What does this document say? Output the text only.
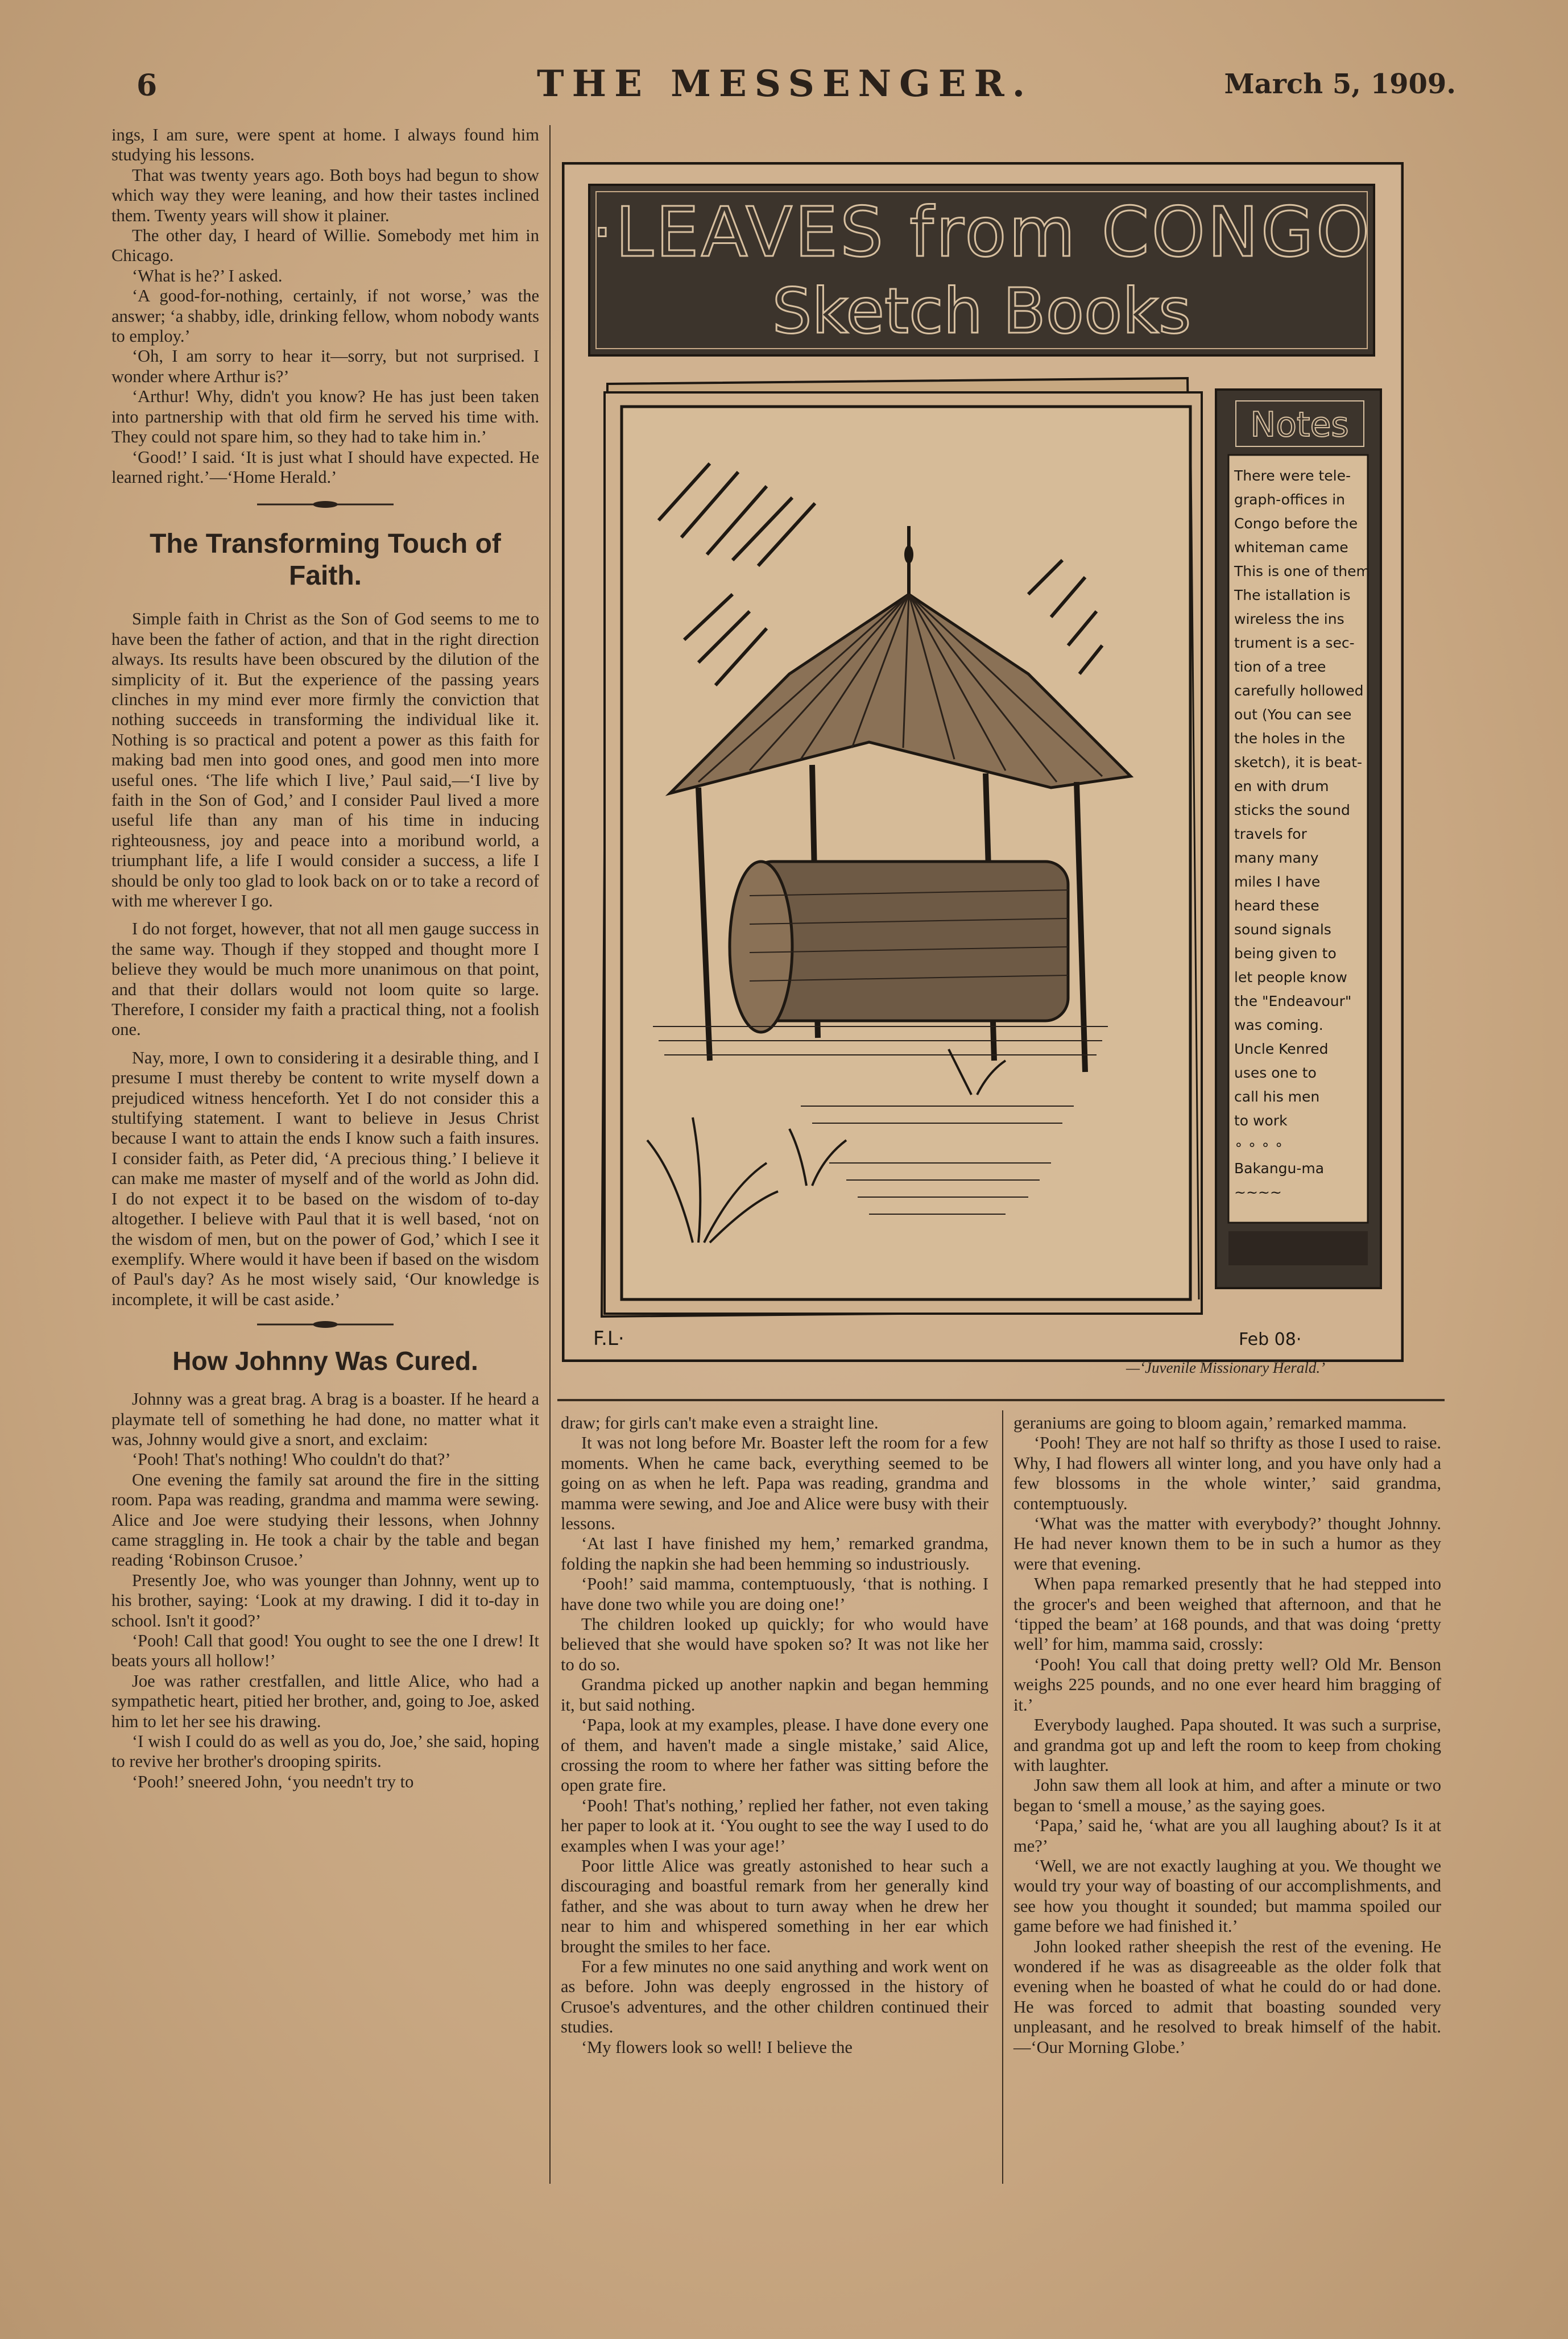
6	THE MESSENGER.	March 5, 1909.

ings, I am sure, were spent at home. I always found him studying his lessons.

That was twenty years ago. Both boys had begun to show which way they were leaning, and how their tastes inclined them. Twenty years will show it plainer.

The other day, I heard of Willie. Somebody met him in Chicago.

‘What is he?’ I asked.

‘A good-for-nothing, certainly, if not worse,’ was the answer; ‘a shabby, idle, drinking fellow, whom nobody wants to employ.’

‘Oh, I am sorry to hear it—sorry, but not surprised. I wonder where Arthur is?’

‘Arthur! Why, didn't you know? He has just been taken into partnership with that old firm he served his time with. They could not spare him, so they had to take him in.’

‘Good!’ I said. ‘It is just what I should have expected. He learned right.’—‘Home Herald.’

The Transforming Touch of Faith.

Simple faith in Christ as the Son of God seems to me to have been the father of action, and that in the right direction always. Its results have been obscured by the dilution of the simplicity of it. But the experience of the passing years clinches in my mind ever more firmly the conviction that nothing succeeds in transforming the individual like it. Nothing is so practical and potent a power as this faith for making bad men into good ones, and good men into more useful ones. ‘The life which I live,’ Paul said,—‘I live by faith in the Son of God,’ and I consider Paul lived a more useful life than any man of his time in inducing righteousness, joy and peace into a moribund world, a triumphant life, a life I would consider a success, a life I should be only too glad to look back on or to take a record of with me wherever I go.

I do not forget, however, that not all men gauge success in the same way. Though if they stopped and thought more I believe they would be much more unanimous on that point, and that their dollars would not loom quite so large. Therefore, I consider my faith a practical thing, not a foolish one.

Nay, more, I own to considering it a desirable thing, and I presume I must thereby be content to write myself down a prejudiced witness henceforth. Yet I do not consider this a stultifying statement. I want to believe in Jesus Christ because I want to attain the ends I know such a faith insures. I consider faith, as Peter did, ‘A precious thing.’ I believe it can make me master of myself and of the world as John did. I do not expect it to be based on the wisdom of to-day altogether. I believe with Paul that it is well based, ‘not on the wisdom of men, but on the power of God,’ which I see it exemplify. Where would it have been if based on the wisdom of Paul's day? As he most wisely said, ‘Our knowledge is incomplete, it will be cast aside.’

How Johnny Was Cured.

Johnny was a great brag. A brag is a boaster. If he heard a playmate tell of something he had done, no matter what it was, Johnny would give a snort, and exclaim:

‘Pooh! That's nothing! Who couldn't do that?’

One evening the family sat around the fire in the sitting room. Papa was reading, grandma and mamma were sewing. Alice and Joe were studying their lessons, when Johnny came straggling in. He took a chair by the table and began reading ‘Robinson Crusoe.’

Presently Joe, who was younger than Johnny, went up to his brother, saying: ‘Look at my drawing. I did it to-day in school. Isn't it good?’

‘Pooh! Call that good! You ought to see the one I drew! It beats yours all hollow!’

Joe was rather crestfallen, and little Alice, who had a sympathetic heart, pitied her brother, and, going to Joe, asked him to let her see his drawing.

‘I wish I could do as well as you do, Joe,’ she said, hoping to revive her brother's drooping spirits.

‘Pooh!’ sneered John, ‘you needn't try to

·LEAVES from CONGO
Sketch Books
Notes
There were tele-
graph-offices in
Congo before the
whiteman came
This is one of them
The istallation is
wireless the ins
trument is a sec-
tion of a tree
carefully hollowed
out (You can see
the holes in the
sketch), it is beat-
en with drum
sticks the sound
travels for
many many
miles I have
heard these
sound signals
being given to
let people know
the "Endeavour"
was coming.
Uncle Kenred
uses one to
call his men
to work
∘ ∘ ∘ ∘
Bakangu-ma
~~~~
F.L·	Feb 08·
—‘Juvenile Missionary Herald.’

draw; for girls can't make even a straight line.

It was not long before Mr. Boaster left the room for a few moments. When he came back, everything seemed to be going on as when he left. Papa was reading, grandma and mamma were sewing, and Joe and Alice were busy with their lessons.

‘At last I have finished my hem,’ remarked grandma, folding the napkin she had been hemming so industriously.

‘Pooh!’ said mamma, contemptuously, ‘that is nothing. I have done two while you are doing one!’

The children looked up quickly; for who would have believed that she would have spoken so? It was not like her to do so.

Grandma picked up another napkin and began hemming it, but said nothing.

‘Papa, look at my examples, please. I have done every one of them, and haven't made a single mistake,’ said Alice, crossing the room to where her father was sitting before the open grate fire.

‘Pooh! That's nothing,’ replied her father, not even taking her paper to look at it. ‘You ought to see the way I used to do examples when I was your age!’

Poor little Alice was greatly astonished to hear such a discouraging and boastful remark from her generally kind father, and she was about to turn away when he drew her near to him and whispered something in her ear which brought the smiles to her face.

For a few minutes no one said anything and work went on as before. John was deeply engrossed in the history of Crusoe's adventures, and the other children continued their studies.

‘My flowers look so well! I believe the

geraniums are going to bloom again,’ remarked mamma.

‘Pooh! They are not half so thrifty as those I used to raise. Why, I had flowers all winter long, and you have only had a few blossoms in the whole winter,’ said grandma, contemptuously.

‘What was the matter with everybody?’ thought Johnny. He had never known them to be in such a humor as they were that evening.

When papa remarked presently that he had stepped into the grocer's and been weighed that afternoon, and that he ‘tipped the beam’ at 168 pounds, and that was doing ‘pretty well’ for him, mamma said, crossly:

‘Pooh! You call that doing pretty well? Old Mr. Benson weighs 225 pounds, and no one ever heard him bragging of it.’

Everybody laughed. Papa shouted. It was such a surprise, and grandma got up and left the room to keep from choking with laughter.

John saw them all look at him, and after a minute or two began to ‘smell a mouse,’ as the saying goes.

‘Papa,’ said he, ‘what are you all laughing about? Is it at me?’

‘Well, we are not exactly laughing at you. We thought we would try your way of boasting of our accomplishments, and see how you thought it sounded; but mamma spoiled our game before we had finished it.’

John looked rather sheepish the rest of the evening. He wondered if he was as disagreeable as the older folk that evening when he boasted of what he could do or had done. He was forced to admit that boasting sounded very unpleasant, and he resolved to break himself of the habit.—‘Our Morning Globe.’
